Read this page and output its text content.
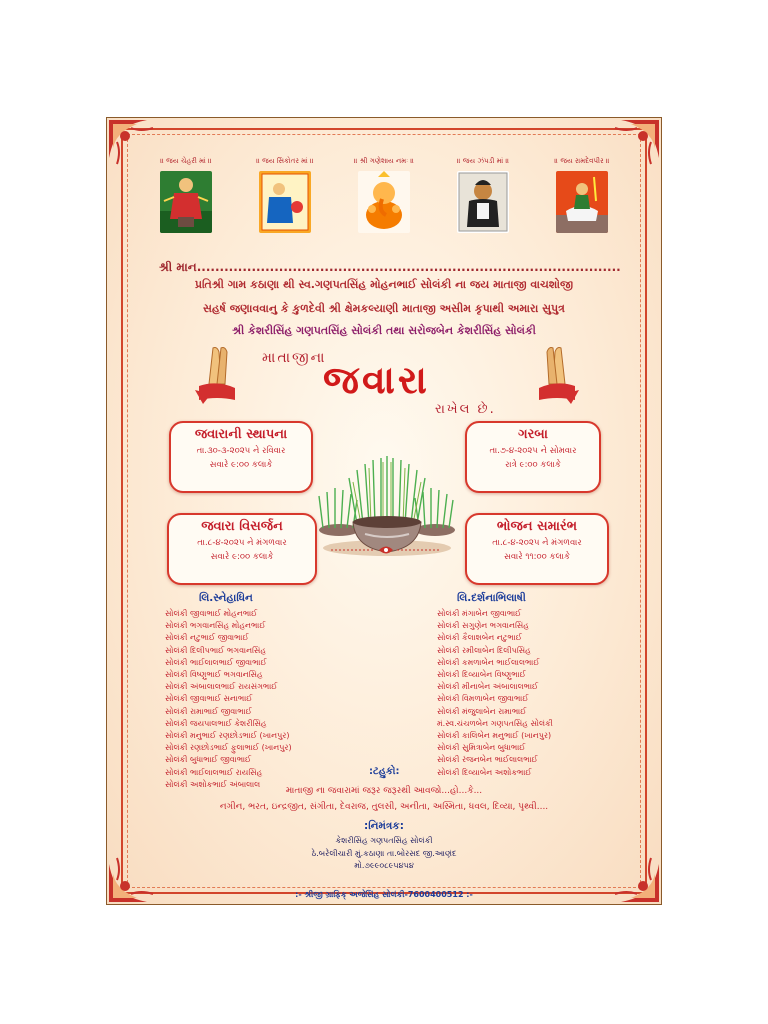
॥ જય ચેહરી માં ॥	॥ જય સિકોતર માં ॥	॥ શ્રી ગણેશાય નમઃ ॥	॥ જય ઝંપડી માં ॥	॥ જય રામદેવપીર ॥
શ્રી માન.............................................................................................
પ્રતિશ્રી ગામ કઠાણા થી સ્વ.ગણપતસિંહ મોહનભાઈ સોલંકી ના જય માતાજી વાચશોજી
સહર્ષ જણાવવાનુ કે કુળદેવી શ્રી ક્ષેમકલ્યાણી માતાજી અસીમ કૃપાથી અમારા સુપુત્ર
શ્રી કેશરીસિંહ ગણપતસિંહ સોલંકી તથા સરોજબેન કેશરીસિંહ સોલંકી
માતાજીના
જવારા
રાખેલ છે.
જવારાની સ્થાપના
તા.૩૦-૩-૨૦૨૫ ને રવિવાર
સવારે ૯:૦૦ કલાકે
ગરબા
તા.૭-૪-૨૦૨૫ ને સોમવાર
રાત્રે ૯:૦૦ કલાકે
જવારા વિસર્જન
તા.૮-૪-૨૦૨૫ ને મંગળવાર
સવારે ૯:૦૦ કલાકે
ભોજન સમારંભ
તા.૮-૪-૨૦૨૫ ને મંગળવાર
સવારે ૧૧:૦૦ કલાકે
લિ.સ્નેહાધિન
સોલંકી જીવાભાઈ મોહનભાઈ
સોલંકી ભગવાનસિંહ મોહનભાઈ
સોલંકી નટુભાઈ જીવાભાઈ
સોલંકી દિલીપભાઈ ભગવાનસિંહ
સોલંકી ભાઈલાલભાઈ જીવાભાઈ
સોલંકી વિષ્ણુભાઈ ભગવાનસિંહ
સોલંકી અંબાલાલભાઈ રાયસંગભાઈ
સોલંકી જીવાભાઈ સનાભાઈ
સોલંકી રામાભાઈ જીવાભાઈ
સોલંકી જયપાલભાઈ કેશરીસિંહ
સોલંકી મનુભાઈ રણછોડભાઈ (ખાનપુર)
સોલંકી રણછોડભાઈ ફુલાભાઈ (ખાનપુર)
સોલંકી બુધાભાઈ જીવાભાઈ
સોલંકી ભાઈલાલભાઈ રાયસિંહ
સોલંકી અશોકભાઈ અંબાલાલ
લિ.દર્શનાભિલાષી
સોલંકી મંગાબેન જીવાભાઈ
સોલંકી સગુણેન ભગવાનસિંહ
સોલંકી કૈલાશબેન નટુભાઈ
સોલંકી રમીલાબેન દિલીપસિંહ
સોલંકી કમળાબેન ભાઈલાલભાઈ
સોલંકી દિવ્યાબેન વિષ્ણુભાઈ
સોલંકી મીનાબેન અંબાલાલભાઈ
સોલંકી વિમળાબેન જીવાભાઈ
સોલંકી મંજુલાબેન રામાભાઈ
મં.સ્વ.ચંચળબેન ગણપતસિંહ સોલંકી
સોલંકી કાલિબેન મનુભાઈ (ખાનપુર)
સોલંકી સુમિત્રાબેન બુધાભાઈ
સોલંકી રંજનબેન ભાઈલાલભાઈ
સોલંકી દિવ્યાબેન અશોકભાઈ
:ટહુકો:
માતાજી ના જવારામાં જરૂર જરૂરથી આવજો...હો...કે...
નગીન, ભરત, ઇન્દ્રજીત, સંગીતા, દેવરાજ, તુલસી, અનીતા, અસ્મિતા, ધવલ, દિવ્યા, પૃથ્વી....
:નિમંત્રક:
કેશરીસિંહ ગણપતસિંહ સોલંકી
ઠે.બરેલીચારી મું.કઠાણા તા.બોરસદ જી.આણંદ
મો.૭૯૯૦૮૯૫૪૫૪
:- શ્રીજી ગ્રાફિક્ અજેસિંહ સોલંકી-7600400512 :-
